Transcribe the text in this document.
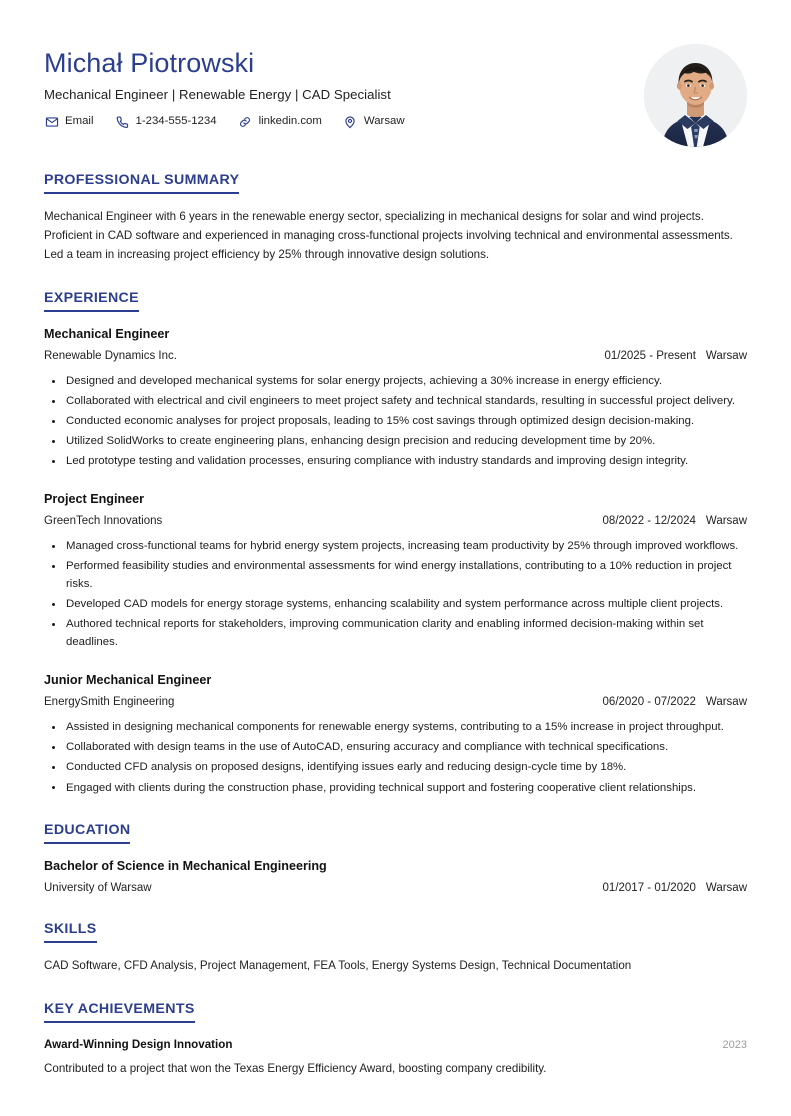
Michał Piotrowski
Mechanical Engineer | Renewable Energy | CAD Specialist
Email	1-234-555-1234	linkedin.com	Warsaw
PROFESSIONAL SUMMARY

Mechanical Engineer with 6 years in the renewable energy sector, specializing in mechanical designs for solar and wind projects. Proficient in CAD software and experienced in managing cross-functional projects involving technical and environmental assessments. Led a team in increasing project efficiency by 25% through innovative design solutions.

EXPERIENCE
Mechanical Engineer
Renewable Dynamics Inc.	01/2025 - Present Warsaw
Designed and developed mechanical systems for solar energy projects, achieving a 30% increase in energy efficiency.
Collaborated with electrical and civil engineers to meet project safety and technical standards, resulting in successful project delivery.
Conducted economic analyses for project proposals, leading to 15% cost savings through optimized design decision-making.
Utilized SolidWorks to create engineering plans, enhancing design precision and reducing development time by 20%.
Led prototype testing and validation processes, ensuring compliance with industry standards and improving design integrity.
Project Engineer
GreenTech Innovations	08/2022 - 12/2024 Warsaw
Managed cross-functional teams for hybrid energy system projects, increasing team productivity by 25% through improved workflows.
Performed feasibility studies and environmental assessments for wind energy installations, contributing to a 10% reduction in project risks.
Developed CAD models for energy storage systems, enhancing scalability and system performance across multiple client projects.
Authored technical reports for stakeholders, improving communication clarity and enabling informed decision-making within set deadlines.
Junior Mechanical Engineer
EnergySmith Engineering	06/2020 - 07/2022 Warsaw
Assisted in designing mechanical components for renewable energy systems, contributing to a 15% increase in project throughput.
Collaborated with design teams in the use of AutoCAD, ensuring accuracy and compliance with technical specifications.
Conducted CFD analysis on proposed designs, identifying issues early and reducing design-cycle time by 18%.
Engaged with clients during the construction phase, providing technical support and fostering cooperative client relationships.
EDUCATION
Bachelor of Science in Mechanical Engineering
University of Warsaw	01/2017 - 01/2020 Warsaw
SKILLS

CAD Software, CFD Analysis, Project Management, FEA Tools, Energy Systems Design, Technical Documentation

KEY ACHIEVEMENTS
Award-Winning Design Innovation	2023

Contributed to a project that won the Texas Energy Efficiency Award, boosting company credibility.
